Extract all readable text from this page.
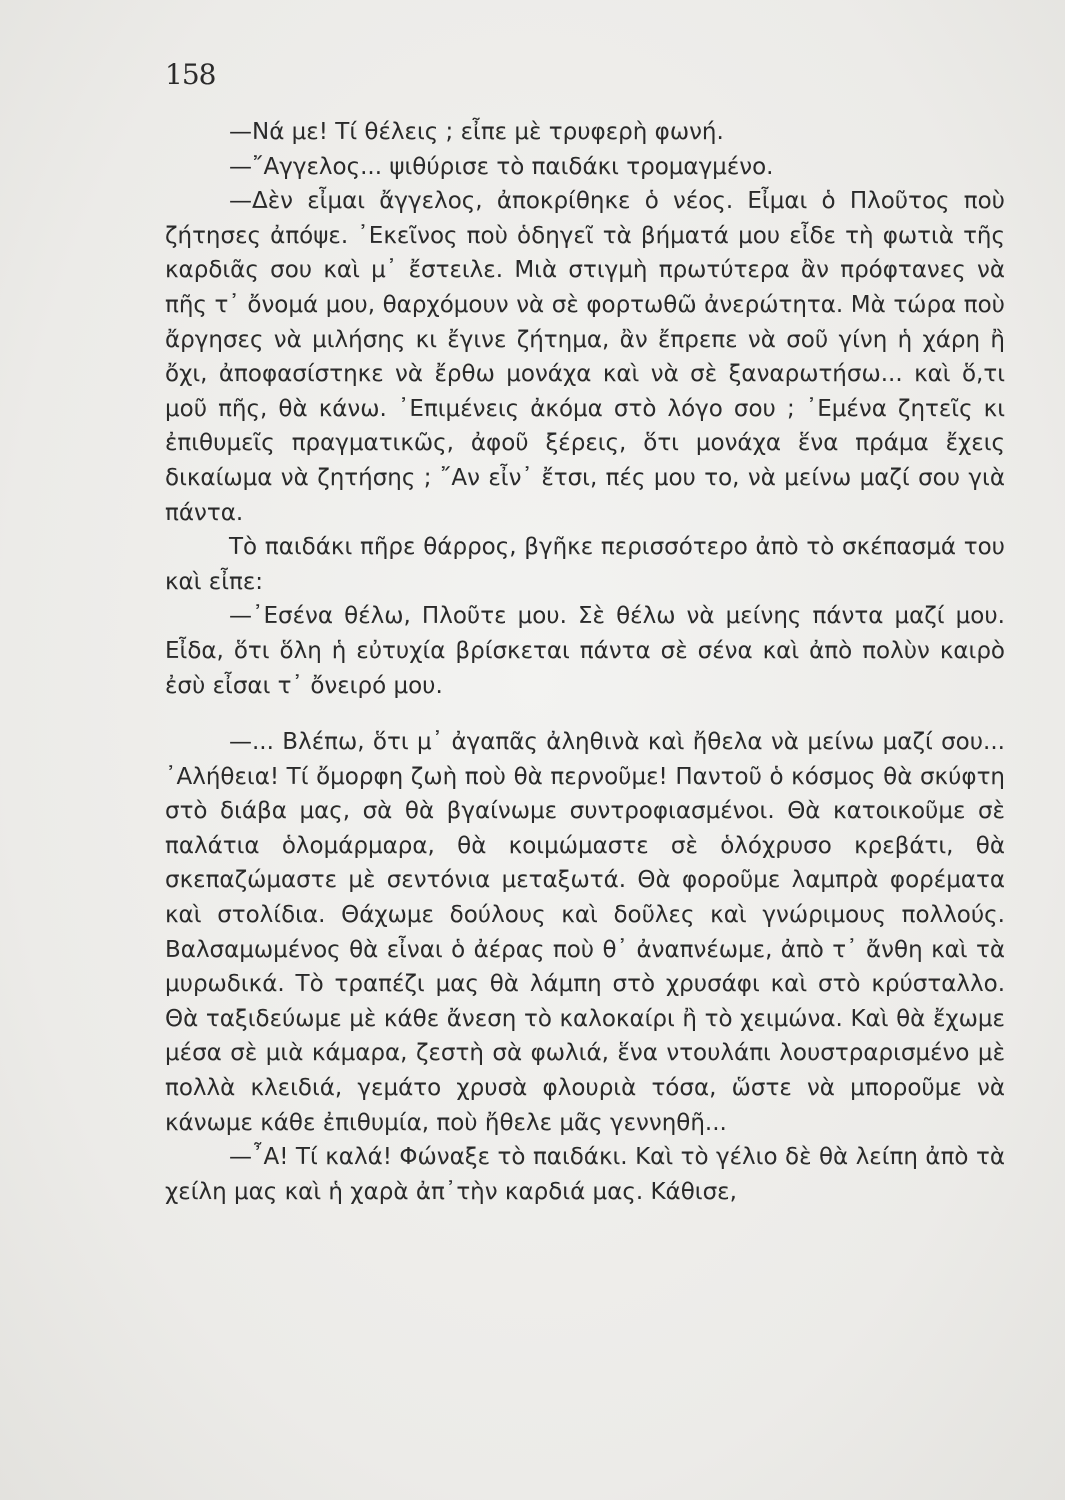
158

—Νά με! Τί θέλεις ; εἶπε μὲ τρυφερὴ φωνή.

—῎Αγγελος... ψιθύρισε τὸ παιδάκι τρομαγμένο.

—Δὲν εἶμαι ἄγγελος, ἀποκρίθηκε ὁ νέος. Εἶμαι ὁ Πλοῦτος ποὺ ζήτησες ἀπόψε. ᾿Εκεῖνος ποὺ ὁδηγεῖ τὰ βήματά μου εἶδε τὴ φωτιὰ τῆς καρδιᾶς σου καὶ μ᾿ ἔστειλε. Μιὰ στιγμὴ πρωτύτερα ἂν πρόφτανες νὰ πῆς τ᾿ ὄνομά μου, θαρχόμουν νὰ σὲ φορτωθῶ ἀνερώτητα. Μὰ τώρα ποὺ ἄργησες νὰ μιλήσης κι ἔγινε ζήτημα, ἂν ἔπρεπε νὰ σοῦ γίνη ἡ χάρη ἢ ὄχι, ἀποφασίστηκε νὰ ἔρθω μονάχα καὶ νὰ σὲ ξαναρωτήσω... καὶ ὅ,τι μοῦ πῆς, θὰ κάνω. ᾿Επιμένεις ἀκόμα στὸ λόγο σου ; ᾿Εμένα ζητεῖς κι ἐπιθυμεῖς πραγματικῶς, ἀφοῦ ξέρεις, ὅτι μονάχα ἕνα πράμα ἔχεις δικαίωμα νὰ ζητήσης ; ῎Αν εἶν᾿ ἔτσι, πές μου το, νὰ μείνω μαζί σου γιὰ πάντα.

Τὸ παιδάκι πῆρε θάρρος, βγῆκε περισσότερο ἀπὸ τὸ σκέπασμά του καὶ εἶπε:

—᾿Εσένα θέλω, Πλοῦτε μου. Σὲ θέλω νὰ μείνης πάντα μαζί μου. Εἶδα, ὅτι ὅλη ἡ εὐτυχία βρίσκεται πάντα σὲ σένα καὶ ἀπὸ πολὺν καιρὸ ἐσὺ εἶσαι τ᾿ ὄνειρό μου.

—... Βλέπω, ὅτι μ᾿ ἀγαπᾶς ἀληθινὰ καὶ ἤθελα νὰ μείνω μαζί σου... ᾿Αλήθεια! Τί ὄμορφη ζωὴ ποὺ θὰ περνοῦμε! Παντοῦ ὁ κόσμος θὰ σκύφτη στὸ διάβα μας, σὰ θὰ βγαίνωμε συντροφιασμένοι. Θὰ κατοικοῦμε σὲ παλάτια ὁλομάρμαρα, θὰ κοιμώμαστε σὲ ὁλόχρυσο κρεβάτι, θὰ σκεπαζώμαστε μὲ σεντόνια μεταξωτά. Θὰ φοροῦμε λαμπρὰ φορέματα καὶ στολίδια. Θάχωμε δούλους καὶ δοῦλες καὶ γνώριμους πολλούς. Βαλσαμωμένος θὰ εἶναι ὁ ἀέρας ποὺ θ᾿ ἀναπνέωμε, ἀπὸ τ᾿ ἄνθη καὶ τὰ μυρωδικά. Τὸ τραπέζι μας θὰ λάμπη στὸ χρυσάφι καὶ στὸ κρύσταλλο. Θὰ ταξιδεύωμε μὲ κάθε ἄνεση τὸ καλοκαίρι ἢ τὸ χειμώνα. Καὶ θὰ ἔχωμε μέσα σὲ μιὰ κάμαρα, ζεστὴ σὰ φωλιά, ἕνα ντουλάπι λουστραρισμένο μὲ πολλὰ κλειδιά, γεμάτο χρυσὰ φλουριὰ τόσα, ὥστε νὰ μποροῦμε νὰ κάνωμε κάθε ἐπιθυμία, ποὺ ἤθελε μᾶς γεννηθῆ...

—῏Α! Τί καλά! Φώναξε τὸ παιδάκι. Καὶ τὸ γέλιο δὲ θὰ λείπη ἀπὸ τὰ χείλη μας καὶ ἡ χαρὰ ἀπ᾿τὴν καρδιά μας. Κάθισε,
